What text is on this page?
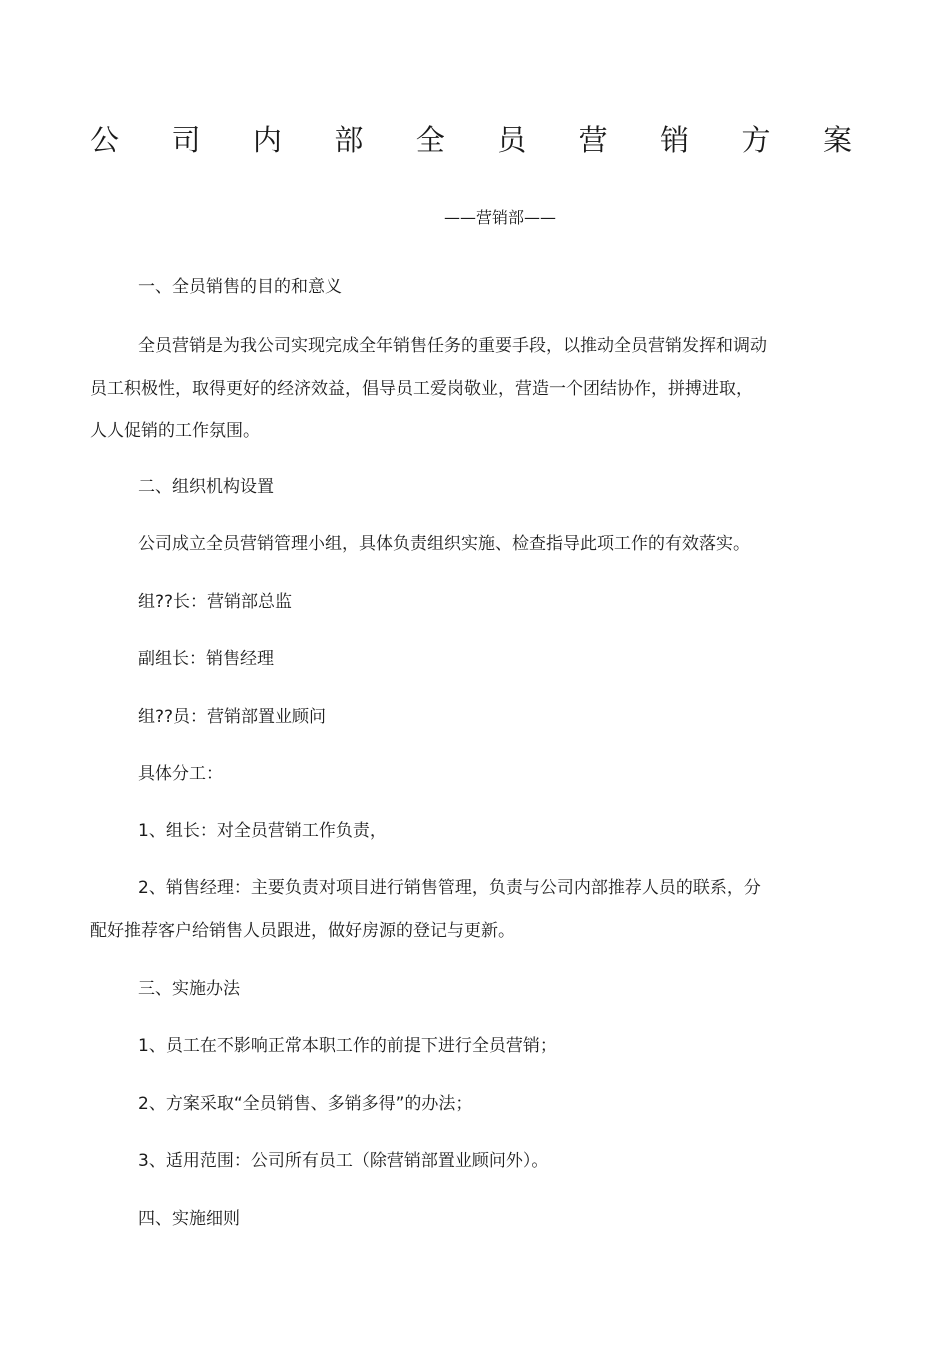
公 司 内 部 全 员 营 销 方 案

——营销部——

一、全员销售的目的和意义

全员营销是为我公司实现完成全年销售任务的重要手段，以推动全员营销发挥和调动

员工积极性，取得更好的经济效益，倡导员工爱岗敬业，营造一个团结协作，拼搏进取，

人人促销的工作氛围。

二、组织机构设置

公司成立全员营销管理小组，具体负责组织实施、检查指导此项工作的有效落实。

组??长：营销部总监

副组长：销售经理

组??员：营销部置业顾问

具体分工：

1、组长：对全员营销工作负责，

2、销售经理：主要负责对项目进行销售管理，负责与公司内部推荐人员的联系，分

配好推荐客户给销售人员跟进，做好房源的登记与更新。

三、实施办法

1、员工在不影响正常本职工作的前提下进行全员营销；

2、方案采取“全员销售、多销多得”的办法；

3、适用范围：公司所有员工（除营销部置业顾问外）。

四、实施细则
